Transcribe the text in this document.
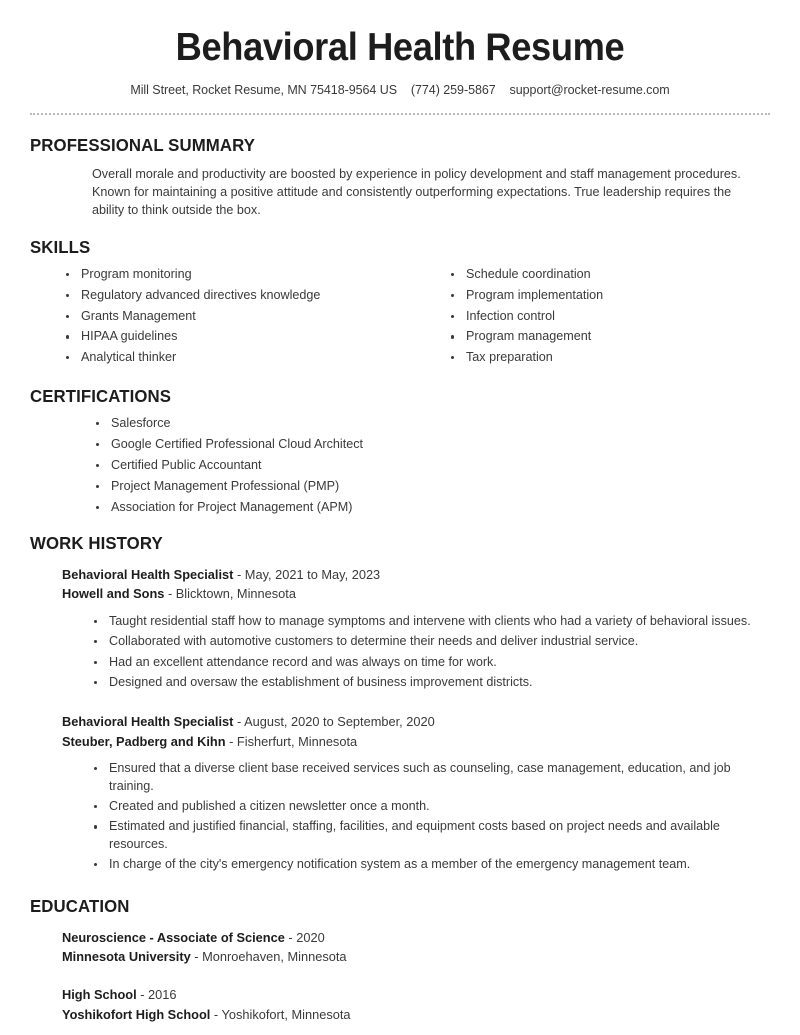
Behavioral Health Resume
Mill Street, Rocket Resume, MN 75418-9564 US (774) 259-5867 support@rocket-resume.com
PROFESSIONAL SUMMARY

Overall morale and productivity are boosted by experience in policy development and staff management procedures. Known for maintaining a positive attitude and consistently outperforming expectations. True leadership requires the ability to think outside the box.

SKILLS
Program monitoring
Regulatory advanced directives knowledge
Grants Management
HIPAA guidelines
Analytical thinker
Schedule coordination
Program implementation
Infection control
Program management
Tax preparation
CERTIFICATIONS
Salesforce
Google Certified Professional Cloud Architect
Certified Public Accountant
Project Management Professional (PMP)
Association for Project Management (APM)
WORK HISTORY
Behavioral Health Specialist - May, 2021 to May, 2023
Howell and Sons - Blicktown, Minnesota
Taught residential staff how to manage symptoms and intervene with clients who had a variety of behavioral issues.
Collaborated with automotive customers to determine their needs and deliver industrial service.
Had an excellent attendance record and was always on time for work.
Designed and oversaw the establishment of business improvement districts.
Behavioral Health Specialist - August, 2020 to September, 2020
Steuber, Padberg and Kihn - Fisherfurt, Minnesota
Ensured that a diverse client base received services such as counseling, case management, education, and job training.
Created and published a citizen newsletter once a month.
Estimated and justified financial, staffing, facilities, and equipment costs based on project needs and available resources.
In charge of the city's emergency notification system as a member of the emergency management team.
EDUCATION
Neuroscience - Associate of Science - 2020
Minnesota University - Monroehaven, Minnesota
High School - 2016
Yoshikofort High School - Yoshikofort, Minnesota
